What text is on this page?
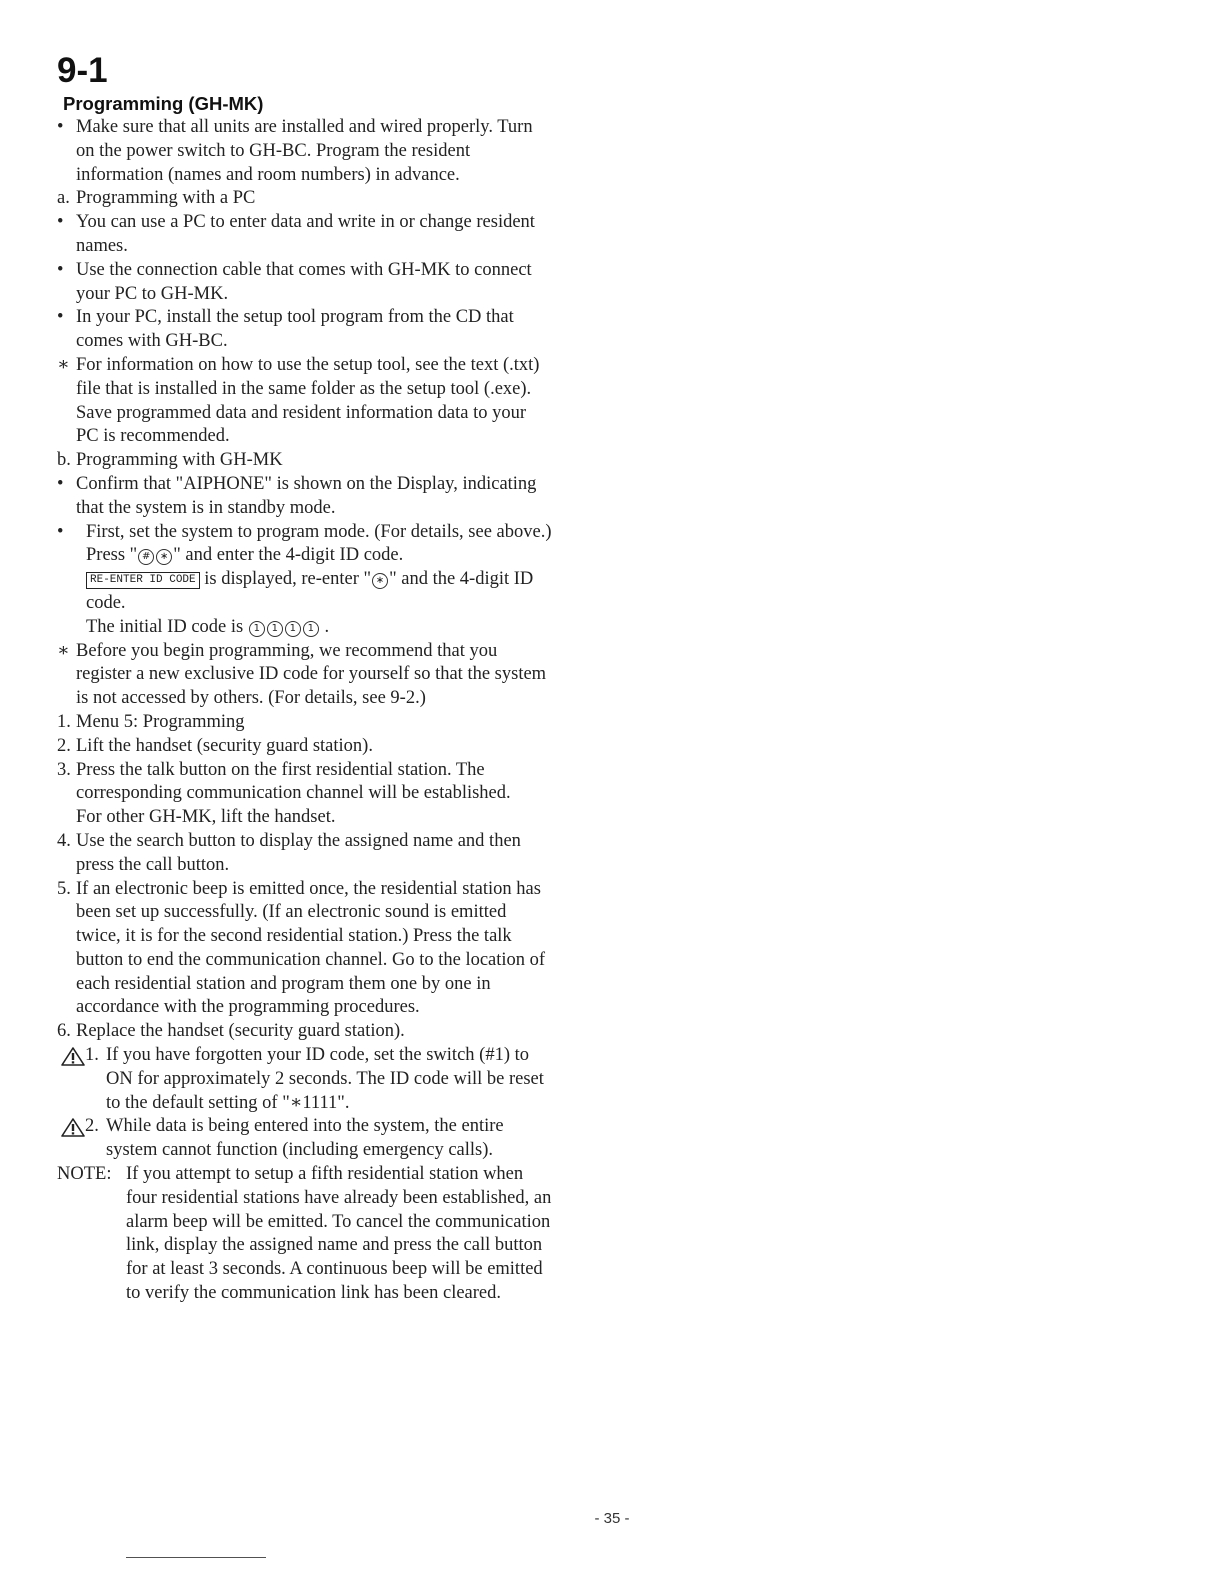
9-1
Programming (GH-MK)
• Make sure that all units are installed and wired properly. Turn
on the power switch to GH-BC. Program the resident
information (names and room numbers) in advance.
a. Programming with a PC
• You can use a PC to enter data and write in or change resident
names.
• Use the connection cable that comes with GH-MK to connect
your PC to GH-MK.
• In your PC, install the setup tool program from the CD that
comes with GH-BC.
∗ For information on how to use the setup tool, see the text (.txt)
file that is installed in the same folder as the setup tool (.exe).
Save programmed data and resident information data to your
PC is recommended.
b. Programming with GH-MK
• Confirm that "AIPHONE" is shown on the Display, indicating
that the system is in standby mode.
•	First, set the system to program mode. (For details, see above.)
Press " # ∗ " and enter the 4-digit ID code.
RE-ENTER ID CODE is displayed, re-enter " ∗ " and the 4-digit ID
code.
The initial ID code is 1 1 1 1 .
∗ Before you begin programming, we recommend that you
register a new exclusive ID code for yourself so that the system
is not accessed by others. (For details, see 9-2.)
1. Menu 5: Programming
2. Lift the handset (security guard station).
3. Press the talk button on the first residential station. The
corresponding communication channel will be established.
For other GH-MK, lift the handset.
4. Use the search button to display the assigned name and then
press the call button.
5. If an electronic beep is emitted once, the residential station has
been set up successfully. (If an electronic sound is emitted
twice, it is for the second residential station.) Press the talk
button to end the communication channel. Go to the location of
each residential station and program them one by one in
accordance with the programming procedures.
6. Replace the handset (security guard station).
1. If you have forgotten your ID code, set the switch (#1) to
ON for approximately 2 seconds. The ID code will be reset
to the default setting of "∗1111".
2. While data is being entered into the system, the entire
system cannot function (including emergency calls).
NOTE: If you attempt to setup a fifth residential station when
four residential stations have already been established, an
alarm beep will be emitted. To cancel the communication
link, display the assigned name and press the call button
for at least 3 seconds. A continuous beep will be emitted
to verify the communication link has been cleared.
- 35 -
